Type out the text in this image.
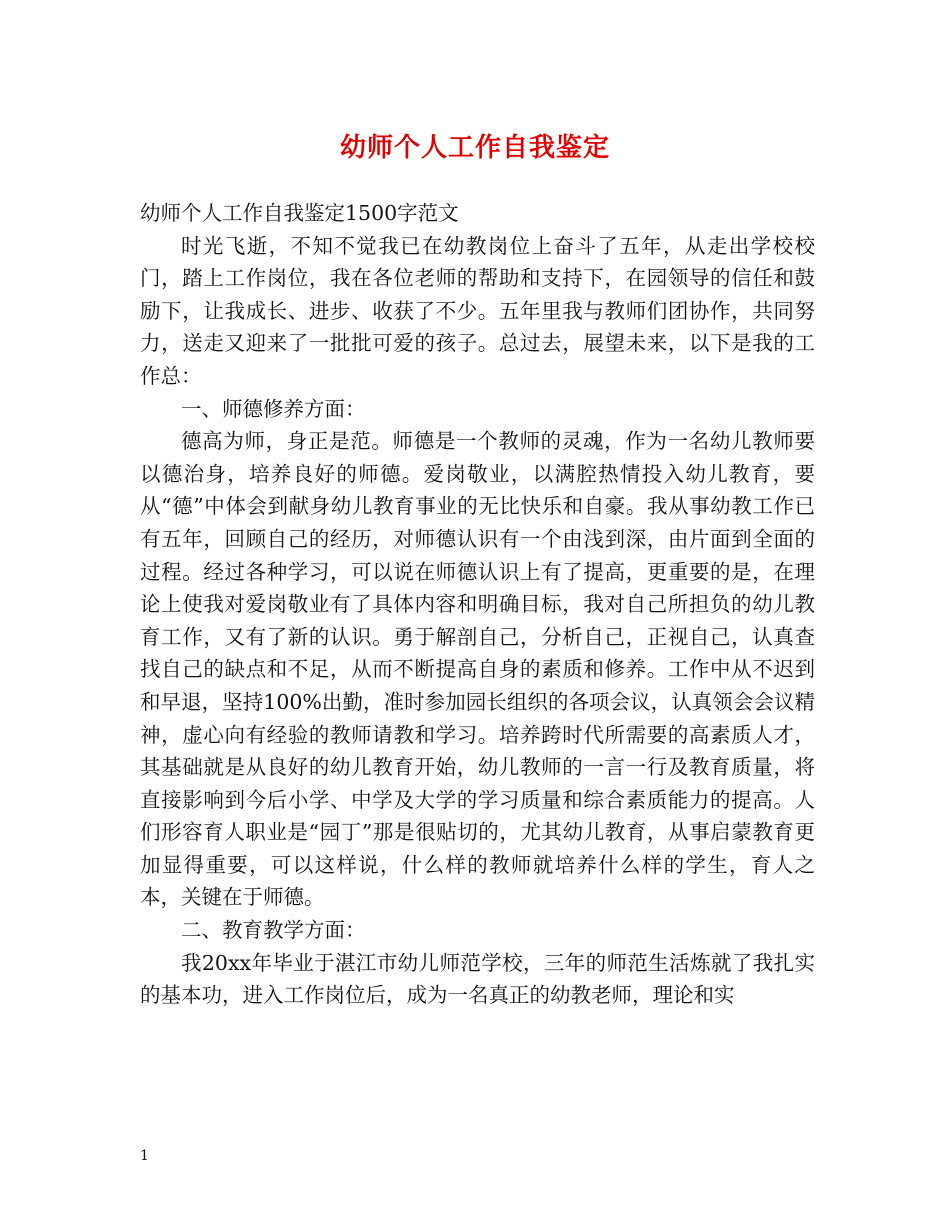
幼师个人工作自我鉴定

幼师个人工作自我鉴定1500字范文

时光飞逝，不知不觉我已在幼教岗位上奋斗了五年，从走出学校校门，踏上工作岗位，我在各位老师的帮助和支持下，在园领导的信任和鼓励下，让我成长、进步、收获了不少。五年里我与教师们团协作，共同努力，送走又迎来了一批批可爱的孩子。总过去，展望未来，以下是我的工作总：

一、师德修养方面：

德高为师，身正是范。师德是一个教师的灵魂，作为一名幼儿教师要以德治身，培养良好的师德。爱岗敬业，以满腔热情投入幼儿教育，要从“德”中体会到献身幼儿教育事业的无比快乐和自豪。我从事幼教工作已有五年，回顾自己的经历，对师德认识有一个由浅到深，由片面到全面的过程。经过各种学习，可以说在师德认识上有了提高，更重要的是，在理论上使我对爱岗敬业有了具体内容和明确目标，我对自己所担负的幼儿教育工作，又有了新的认识。勇于解剖自己，分析自己，正视自己，认真查找自己的缺点和不足，从而不断提高自身的素质和修养。工作中从不迟到和早退，坚持100%出勤，准时参加园长组织的各项会议，认真领会会议精神，虚心向有经验的教师请教和学习。培养跨时代所需要的高素质人才，其基础就是从良好的幼儿教育开始，幼儿教师的一言一行及教育质量，将直接影响到今后小学、中学及大学的学习质量和综合素质能力的提高。人们形容育人职业是“园丁”那是很贴切的，尤其幼儿教育，从事启蒙教育更加显得重要，可以这样说，什么样的教师就培养什么样的学生，育人之本，关键在于师德。

二、教育教学方面：

我20xx年毕业于湛江市幼儿师范学校，三年的师范生活炼就了我扎实的基本功，进入工作岗位后，成为一名真正的幼教老师，理论和实

1
